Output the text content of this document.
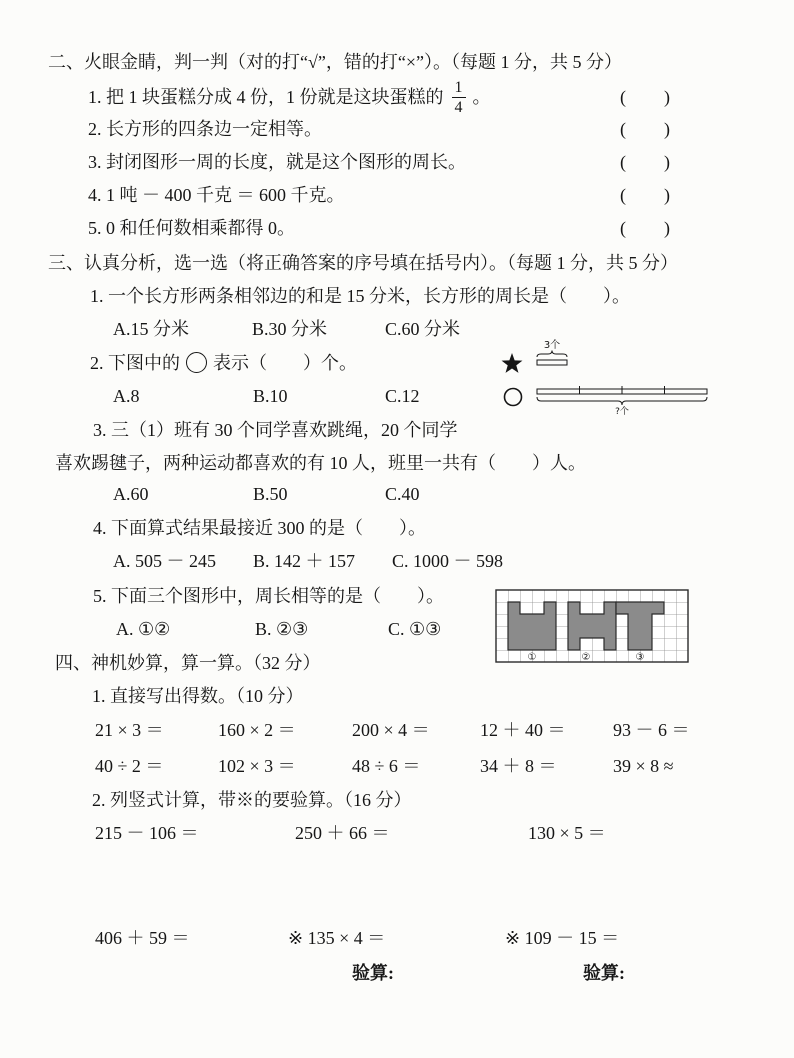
二、火眼金睛，判一判（对的打“√”，错的打“×”）。（每题 1 分，共 5 分）
1. 把 1 块蛋糕分成 4 份，1 份就是这块蛋糕的 $\frac{1}{4}$ 。	( )
2. 长方形的四条边一定相等。	( )
3. 封闭图形一周的长度，就是这个图形的周长。	( )
4. 1 吨 － 400 千克 ＝ 600 千克。	( )
5. 0 和任何数相乘都得 0。	( )
三、认真分析，选一选（将正确答案的序号填在括号内）。（每题 1 分，共 5 分）
1. 一个长方形两条相邻边的和是 15 分米，长方形的周长是（　　）。
A.15 分米	B.30 分米	C.60 分米
2. 下图中的 表示（　　）个。
A.8	B.10	C.12
3个
?个
3. 三（1）班有 30 个同学喜欢跳绳，20 个同学
喜欢踢毽子，两种运动都喜欢的有 10 人，班里一共有（　　）人。
A.60	B.50	C.40
4. 下面算式结果最接近 300 的是（　　）。
A. 505 － 245 B. 142 ＋ 157 C. 1000 － 598
5. 下面三个图形中，周长相等的是（　　）。
A. ①②	B. ②③	C. ①③
①	②	③
四、神机妙算，算一算。（32 分）
1. 直接写出得数。（10 分）
21 × 3 ＝	160 × 2 ＝	200 × 4 ＝	12 ＋ 40 ＝	93 － 6 ＝
40 ÷ 2 ＝	102 × 3 ＝	48 ÷ 6 ＝	34 ＋ 8 ＝	39 × 8 ≈
2. 列竖式计算，带※的要验算。（16 分）
215 － 106 ＝	250 ＋ 66 ＝	130 × 5 ＝
406 ＋ 59 ＝	※ 135 × 4 ＝	※ 109 － 15 ＝
验算:	验算:
